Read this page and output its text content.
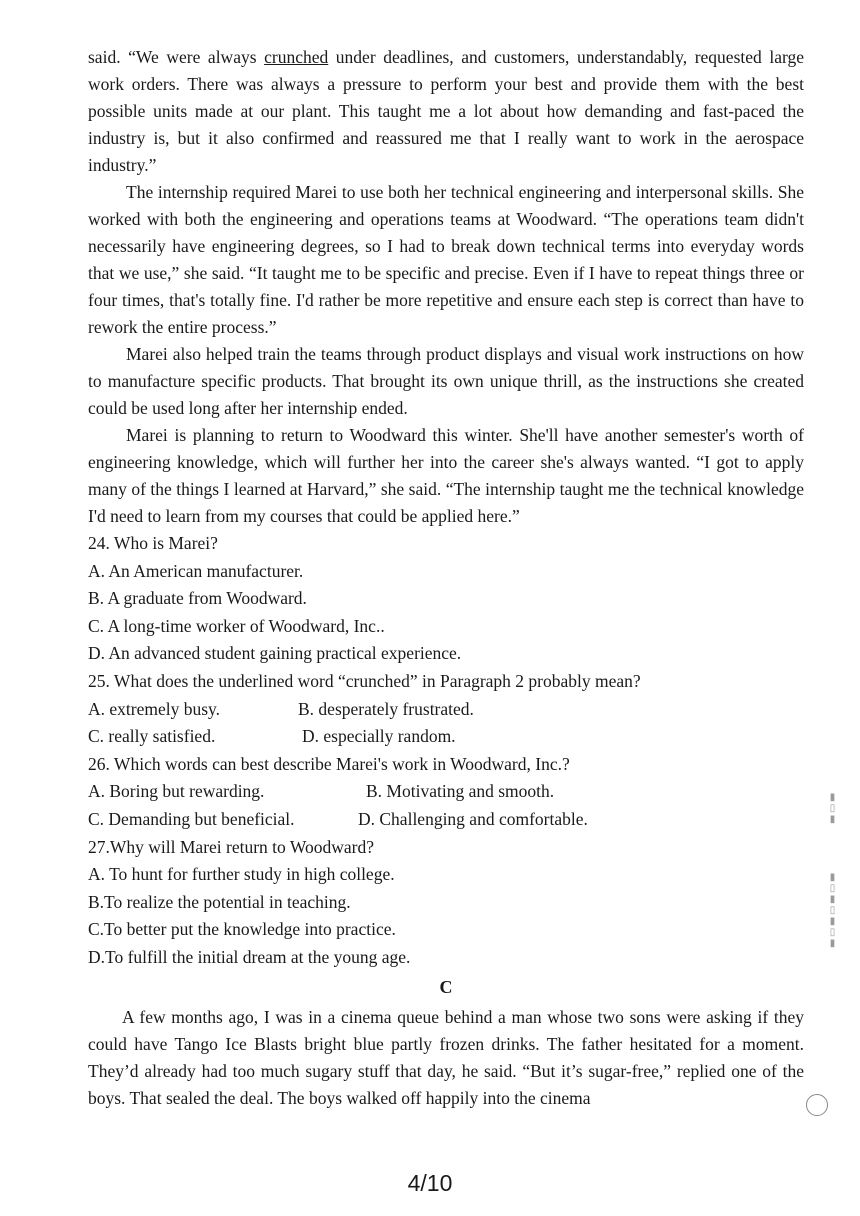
said. “We were always crunched under deadlines, and customers, understandably, requested large work orders. There was always a pressure to perform your best and provide them with the best possible units made at our plant. This taught me a lot about how demanding and fast-paced the industry is, but it also confirmed and reassured me that I really want to work in the aerospace industry.”

The internship required Marei to use both her technical engineering and interpersonal skills. She worked with both the engineering and operations teams at Woodward. “The operations team didn't necessarily have engineering degrees, so I had to break down technical terms into everyday words that we use,” she said. “It taught me to be specific and precise. Even if I have to repeat things three or four times, that's totally fine. I'd rather be more repetitive and ensure each step is correct than have to rework the entire process.”

Marei also helped train the teams through product displays and visual work instructions on how to manufacture specific products. That brought its own unique thrill, as the instructions she created could be used long after her internship ended.

Marei is planning to return to Woodward this winter. She'll have another semester's worth of engineering knowledge, which will further her into the career she's always wanted. “I got to apply many of the things I learned at Harvard,” she said. “The internship taught me the technical knowledge I'd need to learn from my courses that could be applied here.”

24. Who is Marei?

A. An American manufacturer.

B. A graduate from Woodward.

C. A long-time worker of Woodward, Inc..

D. An advanced student gaining practical experience.

25. What does the underlined word “crunched” in Paragraph 2 probably mean?

A. extremely busy.	B. desperately frustrated.
C. really satisfied.	D. especially random.

26. Which words can best describe Marei's work in Woodward, Inc.?

A. Boring but rewarding.	B. Motivating and smooth.
C. Demanding but beneficial.	D. Challenging and comfortable.

27.Why will Marei return to Woodward?

A. To hunt for further study in high college.

B.To realize the potential in teaching.

C.To better put the knowledge into practice.

D.To fulfill the initial dream at the young age.

C

A few months ago, I was in a cinema queue behind a man whose two sons were asking if they could have Tango Ice Blasts bright blue partly frozen drinks. The father hesitated for a moment. They’d already had too much sugary stuff that day, he said. “But it’s sugar-free,” replied one of the boys. That sealed the deal. The boys walked off happily into the cinema

▮▯▮
▮▯▮▯▮▯▮
4/10
